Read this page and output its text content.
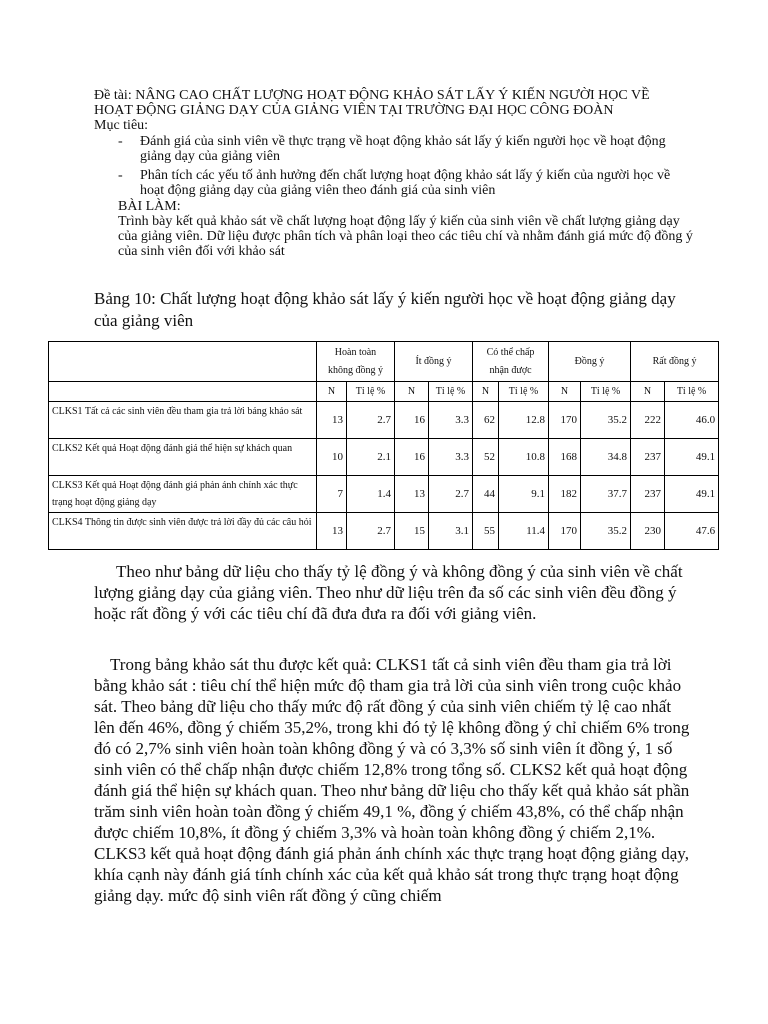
Đề tài: NÂNG CAO CHẤT LƯỢNG HOẠT ĐỘNG KHẢO SÁT LẤY Ý KIẾN NGƯỜI HỌC VỀ HOẠT ĐỘNG GIẢNG DẠY CỦA GIẢNG VIÊN TẠI TRƯỜNG ĐẠI HỌC CÔNG ĐOÀN

Mục tiêu:

- Đánh giá của sinh viên về thực trạng về hoạt động khảo sát lấy ý kiến người học về hoạt động giảng dạy của giảng viên
- Phân tích các yếu tố ảnh hưởng đến chất lượng hoạt động khảo sát lấy ý kiến của người học về hoạt động giảng dạy của giảng viên theo đánh giá của sinh viên

BÀI LÀM:

Trình bày kết quả khảo sát về chất lượng hoạt động lấy ý kiến của sinh viên về chất lượng giảng dạy của giảng viên. Dữ liệu được phân tích và phân loại theo các tiêu chí và nhằm đánh giá mức độ đồng ý của sinh viên đối với khảo sát

Bảng 10: Chất lượng hoạt động khảo sát lấy ý kiến người học về hoạt động giảng dạy của giảng viên

	Hoàn toàn
không đồng ý		Ít đồng ý		Có thể chấp
nhận được		Đồng ý		Rất đồng ý	

	N	Tỉ lệ %	N	Tỉ lệ %	N	Tỉ lệ %	N	Tỉ lệ %	N	Tỉ lệ %
CLKS1 Tất cả các sinh viên đều tham gia trả lời bảng khảo sát	13	2.7	16	3.3	62	12.8	170	35.2	222	46.0
CLKS2 Kết quả Hoạt động đánh giá thể hiện sự khách quan	10	2.1	16	3.3	52	10.8	168	34.8	237	49.1
CLKS3 Kết quả Hoạt động đánh giá phản ánh chính xác thực trạng hoạt động giảng dạy	7	1.4	13	2.7	44	9.1	182	37.7	237	49.1
CLKS4 Thông tin được sinh viên được trả lời đầy đủ các câu hỏi	13	2.7	15	3.1	55	11.4	170	35.2	230	47.6

Theo như bảng dữ liệu cho thấy tỷ lệ đồng ý và không đồng ý của sinh viên về chất lượng giảng dạy của giảng viên. Theo như dữ liệu trên đa số các sinh viên đều đồng ý hoặc rất đồng ý với các tiêu chí đã đưa đưa ra đối với giảng viên.

Trong bảng khảo sát thu được kết quả: CLKS1 tất cả sinh viên đều tham gia trả lời bằng khảo sát : tiêu chí thể hiện mức độ tham gia trả lời của sinh viên trong cuộc khảo sát. Theo bảng dữ liệu cho thấy mức độ rất đồng ý của sinh viên chiếm tỷ lệ cao nhất lên đến 46%, đồng ý chiếm 35,2%, trong khi đó tỷ lệ không đồng ý chỉ chiếm 6% trong đó có 2,7% sinh viên hoàn toàn không đồng ý và có 3,3% số sinh viên ít đồng ý, 1 số sinh viên có thể chấp nhận được chiếm 12,8% trong tổng số. CLKS2 kết quả hoạt động đánh giá thể hiện sự khách quan. Theo như bảng dữ liệu cho thấy kết quả khảo sát phần trăm sinh viên hoàn toàn đồng ý chiếm 49,1 %, đồng ý chiếm 43,8%, có thể chấp nhận được chiếm 10,8%, ít đồng ý chiếm 3,3% và hoàn toàn không đồng ý chiếm 2,1%. CLKS3 kết quả hoạt động đánh giá phản ánh chính xác thực trạng hoạt động giảng dạy, khía cạnh này đánh giá tính chính xác của kết quả khảo sát trong thực trạng hoạt động giảng dạy. mức độ sinh viên rất đồng ý cũng chiếm
